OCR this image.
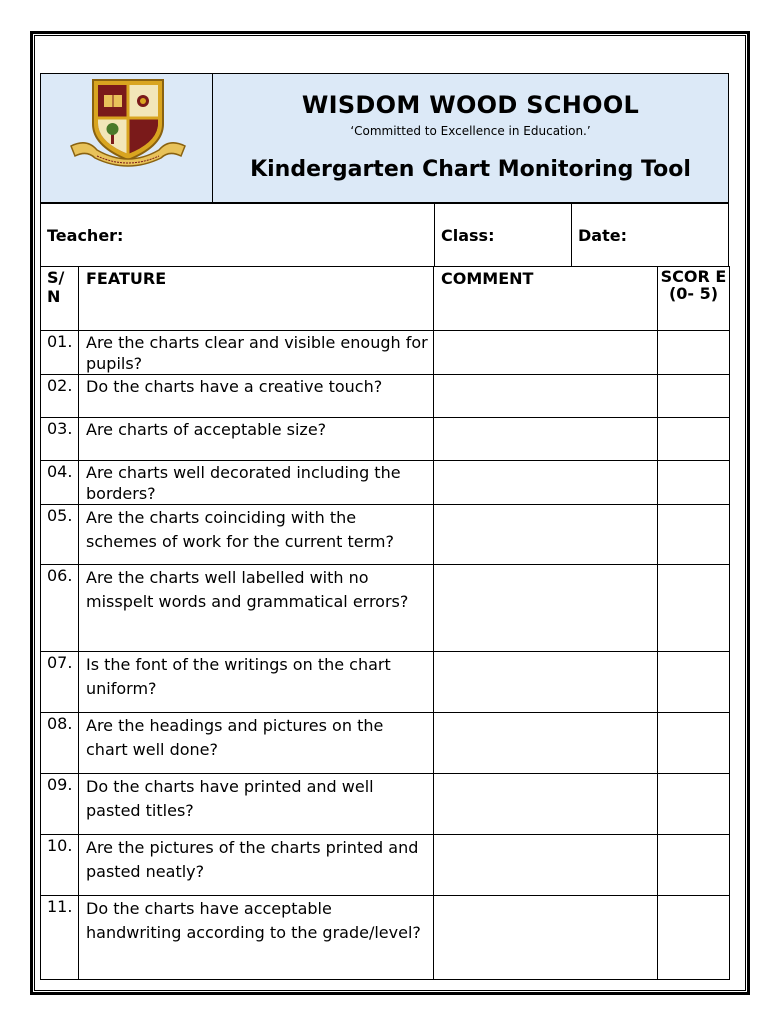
WISDOM WOOD SCHOOL
‘Committed to Excellence in Education.’
Kindergarten Chart Monitoring Tool
Teacher:	Class:	Date:
S/ N	FEATURE	COMMENT	SCOR E (0- 5)
01.	Are the charts clear and visible enough for pupils?		
02.	Do the charts have a creative touch?		
03.	Are charts of acceptable size?		
04.	Are charts well decorated including the borders?		
05.	Are the charts coinciding with the schemes of work for the current term?		
06.	Are the charts well labelled with no misspelt words and grammatical errors?		
07.	Is the font of the writings on the chart uniform?		
08.	Are the headings and pictures on the chart well done?		
09.	Do the charts have printed and well pasted titles?		
10.	Are the pictures of the charts printed and pasted neatly?		
11.	Do the charts have acceptable handwriting according to the grade/level?		
